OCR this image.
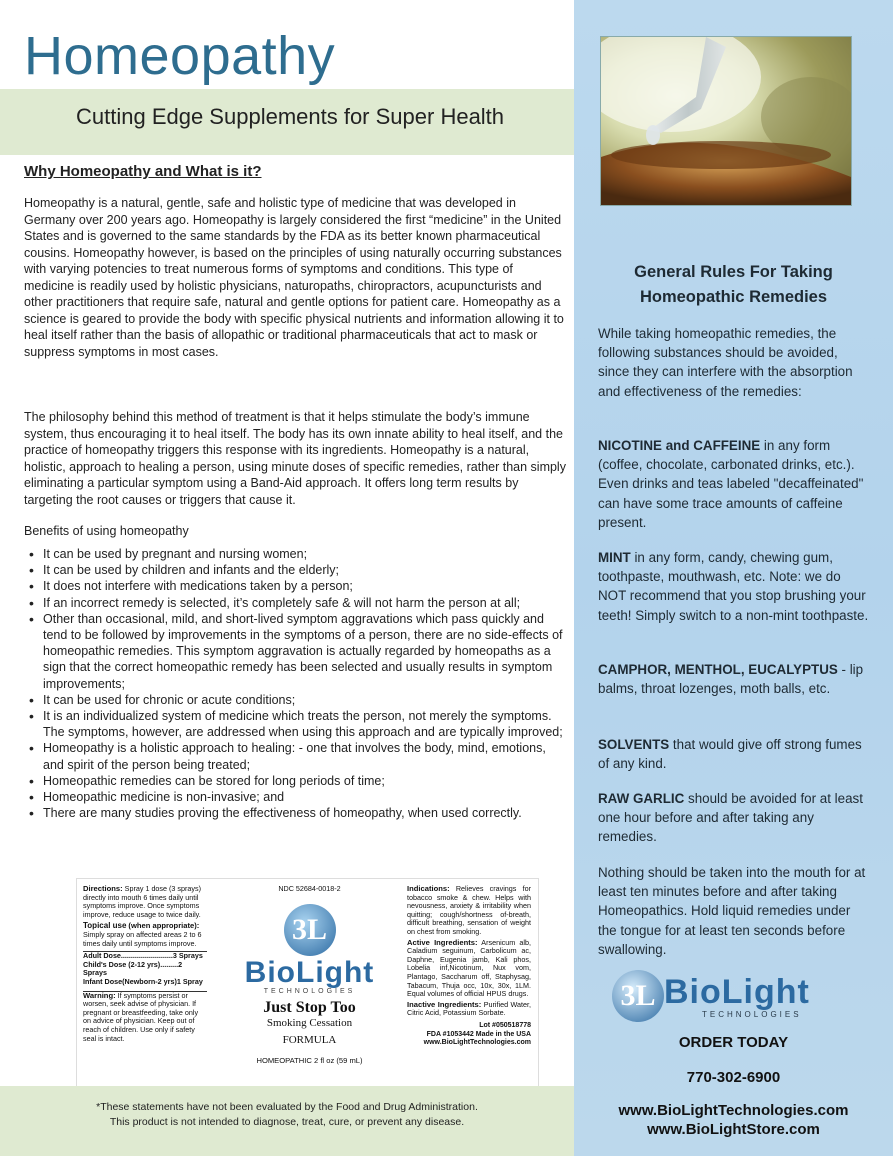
Homeopathy
Cutting Edge Supplements for Super Health
Why Homeopathy and What is it?

Homeopathy is a natural, gentle, safe and holistic type of medicine that was developed in Germany over 200 years ago. Homeopathy is largely considered the first “medicine” in the United States and is governed to the same standards by the FDA as its better known pharmaceutical cousins. Homeopathy however, is based on the principles of using naturally occurring substances with varying potencies to treat numerous forms of symptoms and conditions. This type of medicine is readily used by holistic physicians, naturopaths, chiropractors, acupuncturists and other practitioners that require safe, natural and gentle options for patient care. Homeopathy as a science is geared to provide the body with specific physical nutrients and information allowing it to heal itself rather than the basis of allopathic or traditional pharmaceuticals that act to mask or suppress symptoms in most cases.

The philosophy behind this method of treatment is that it helps stimulate the body’s immune system, thus encouraging it to heal itself. The body has its own innate ability to heal itself, and the practice of homeopathy triggers this response with its ingredients. Homeopathy is a natural, holistic, approach to healing a person, using minute doses of specific remedies, rather than simply eliminating a particular symptom using a Band-Aid approach. It offers long term results by targeting the root causes or triggers that cause it.

Benefits of using homeopathy

• It can be used by pregnant and nursing women;
• It can be used by children and infants and the elderly;
• It does not interfere with medications taken by a person;
• If an incorrect remedy is selected, it’s completely safe & will not harm the person at all;
• Other than occasional, mild, and short-lived symptom aggravations which pass quickly and tend to be followed by improvements in the symptoms of a person, there are no side-effects of homeopathic remedies. This symptom aggravation is actually regarded by homeopaths as a sign that the correct homeopathic remedy has been selected and usually results in symptom improvements;
• It can be used for chronic or acute conditions;
• It is an individualized system of medicine which treats the person, not merely the symptoms. The symptoms, however, are addressed when using this approach and are typically improved;
• Homeopathy is a holistic approach to healing: - one that involves the body, mind, emotions, and spirit of the person being treated;
• Homeopathic remedies can be stored for long periods of time;
• Homeopathic medicine is non-invasive; and
• There are many studies proving the effectiveness of homeopathy, when used correctly.
Directions: Spray 1 dose (3 sprays) directly into mouth 6 times daily until symptoms improve. Once symptoms improve, reduce usage to twice daily.
Topical use (when appropriate):
Simply spray on affected areas 2 to 6 times daily until symptoms improve.
Adult Dose..........................3 Sprays
Child's Dose (2-12 yrs).........2 Sprays
Infant Dose(Newborn-2 yrs)1 Spray
Warning: If symptoms persist or worsen, seek advise of physician. If pregnant or breastfeeding, take only on advice of physician. Keep out of reach of children. Use only if safety seal is intact.
NDC 52684-0018-2
3L
BioLight
TECHNOLOGIES
Just Stop Too
Smoking Cessation
FORMULA
HOMEOPATHIC 2 fl oz (59 mL)
Indications: Relieves cravings for tobacco smoke & chew. Helps with nevousness, anxiety & irritability when quitting; cough/shortness of-breath, difficult breathing, sensation of weight on chest from smoking.
Active Ingredients: Arsenicum alb, Caladium seguinum, Carbolicum ac, Daphne, Eugenia jamb, Kali phos, Lobelia inf,Nicotinum, Nux vom, Plantago, Saccharum off, Staphysag, Tabacum, Thuja occ, 10x, 30x, 1LM. Equal volumes of official HPUS drugs.
Inactive Ingredients: Purified Water, Citric Acid, Potassium Sorbate.
Lot #050518778
FDA #1053442 Made in the USA
www.BioLightTechnologies.com
*These statements have not been evaluated by the Food and Drug Administration.
This product is not intended to diagnose, treat, cure, or prevent any disease.
General Rules For Taking
Homeopathic Remedies

While taking homeopathic remedies, the following substances should be avoided, since they can interfere with the absorption and effectiveness of the remedies:

NICOTINE and CAFFEINE in any form (coffee, chocolate, carbonated drinks, etc.). Even drinks and teas labeled "decaffeinated" can have some trace amounts of caffeine present.

MINT in any form, candy, chewing gum, toothpaste, mouthwash, etc. Note: we do NOT recommend that you stop brushing your teeth! Simply switch to a non-mint toothpaste.

CAMPHOR, MENTHOL, EUCALYPTUS - lip balms, throat lozenges, moth balls, etc.

SOLVENTS that would give off strong fumes of any kind.

RAW GARLIC should be avoided for at least one hour before and after taking any remedies.

Nothing should be taken into the mouth for at least ten minutes before and after taking Homeopathics. Hold liquid remedies under the tongue for at least ten seconds before swallowing.

3L BioLight
TECHNOLOGIES

ORDER TODAY

770-302-6900

www.BioLightTechnologies.com

www.BioLightStore.com
